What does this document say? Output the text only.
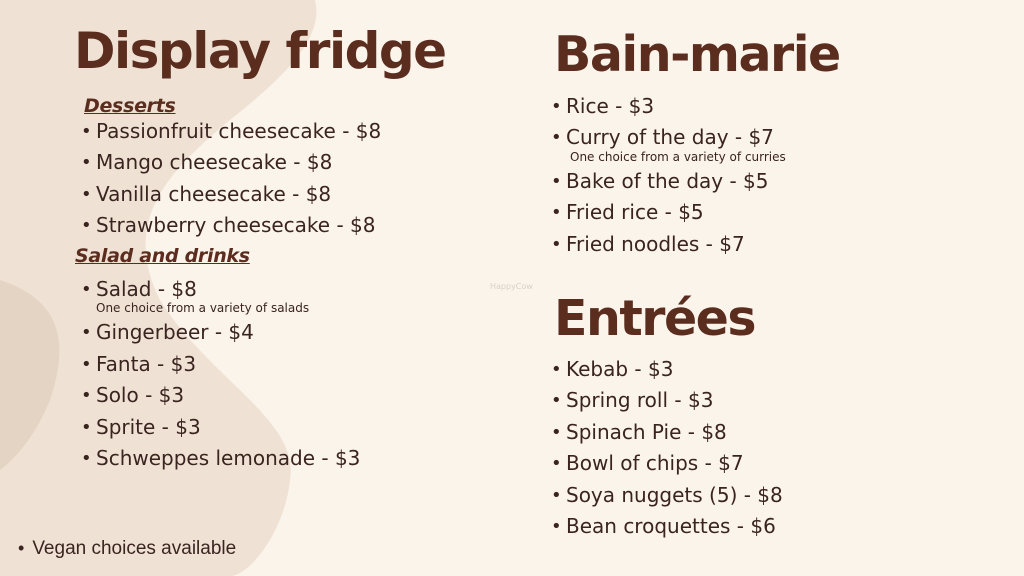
Display fridge
Desserts
• Passionfruit cheesecake - $8
• Mango cheesecake - $8
• Vanilla cheesecake - $8
• Strawberry cheesecake - $8
Salad and drinks
• Salad - $8
One choice from a variety of salads
• Gingerbeer - $4
• Fanta - $3
• Solo - $3
• Sprite - $3
• Schweppes lemonade - $3
Bain-marie
• Rice - $3
• Curry of the day - $7
One choice from a variety of curries
• Bake of the day - $5
• Fried rice - $5
• Fried noodles - $7
HappyCow
Entrées
• Kebab - $3
• Spring roll - $3
• Spinach Pie - $8
• Bowl of chips - $7
• Soya nuggets (5) - $8
• Bean croquettes - $6
• Vegan choices available
